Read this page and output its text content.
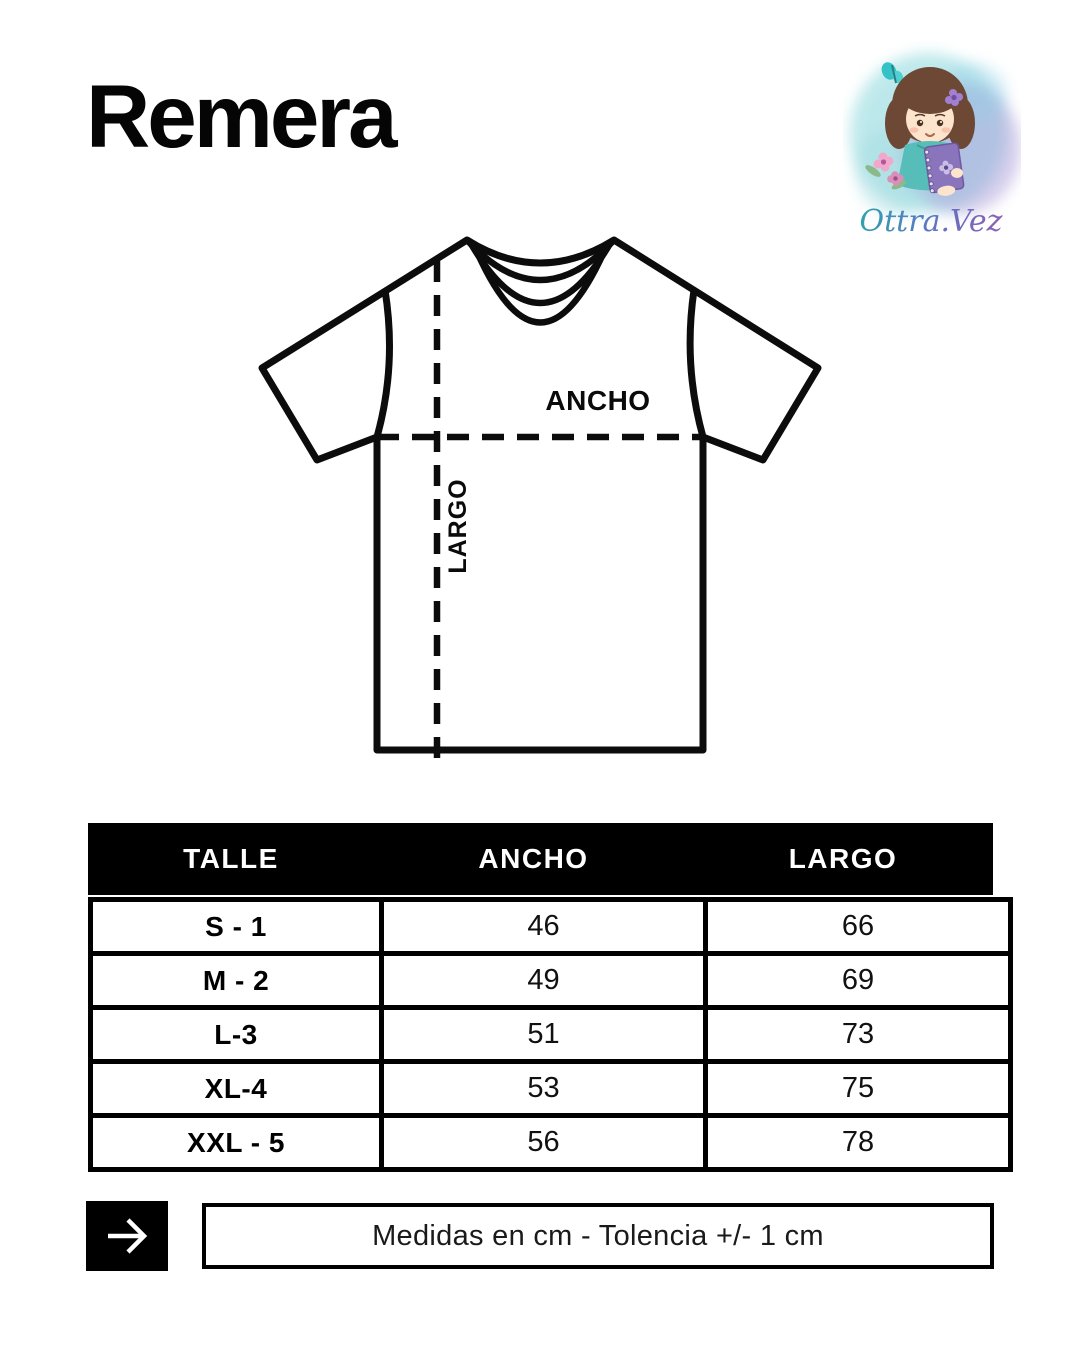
Remera
Ottra.Vez
ANCHO
LARGO
TALLE	ANCHO	LARGO
S - 1	46	66
M - 2	49	69
L-3	51	73
XL-4	53	75
XXL - 5	56	78
Medidas en cm - Tolencia +/- 1 cm
